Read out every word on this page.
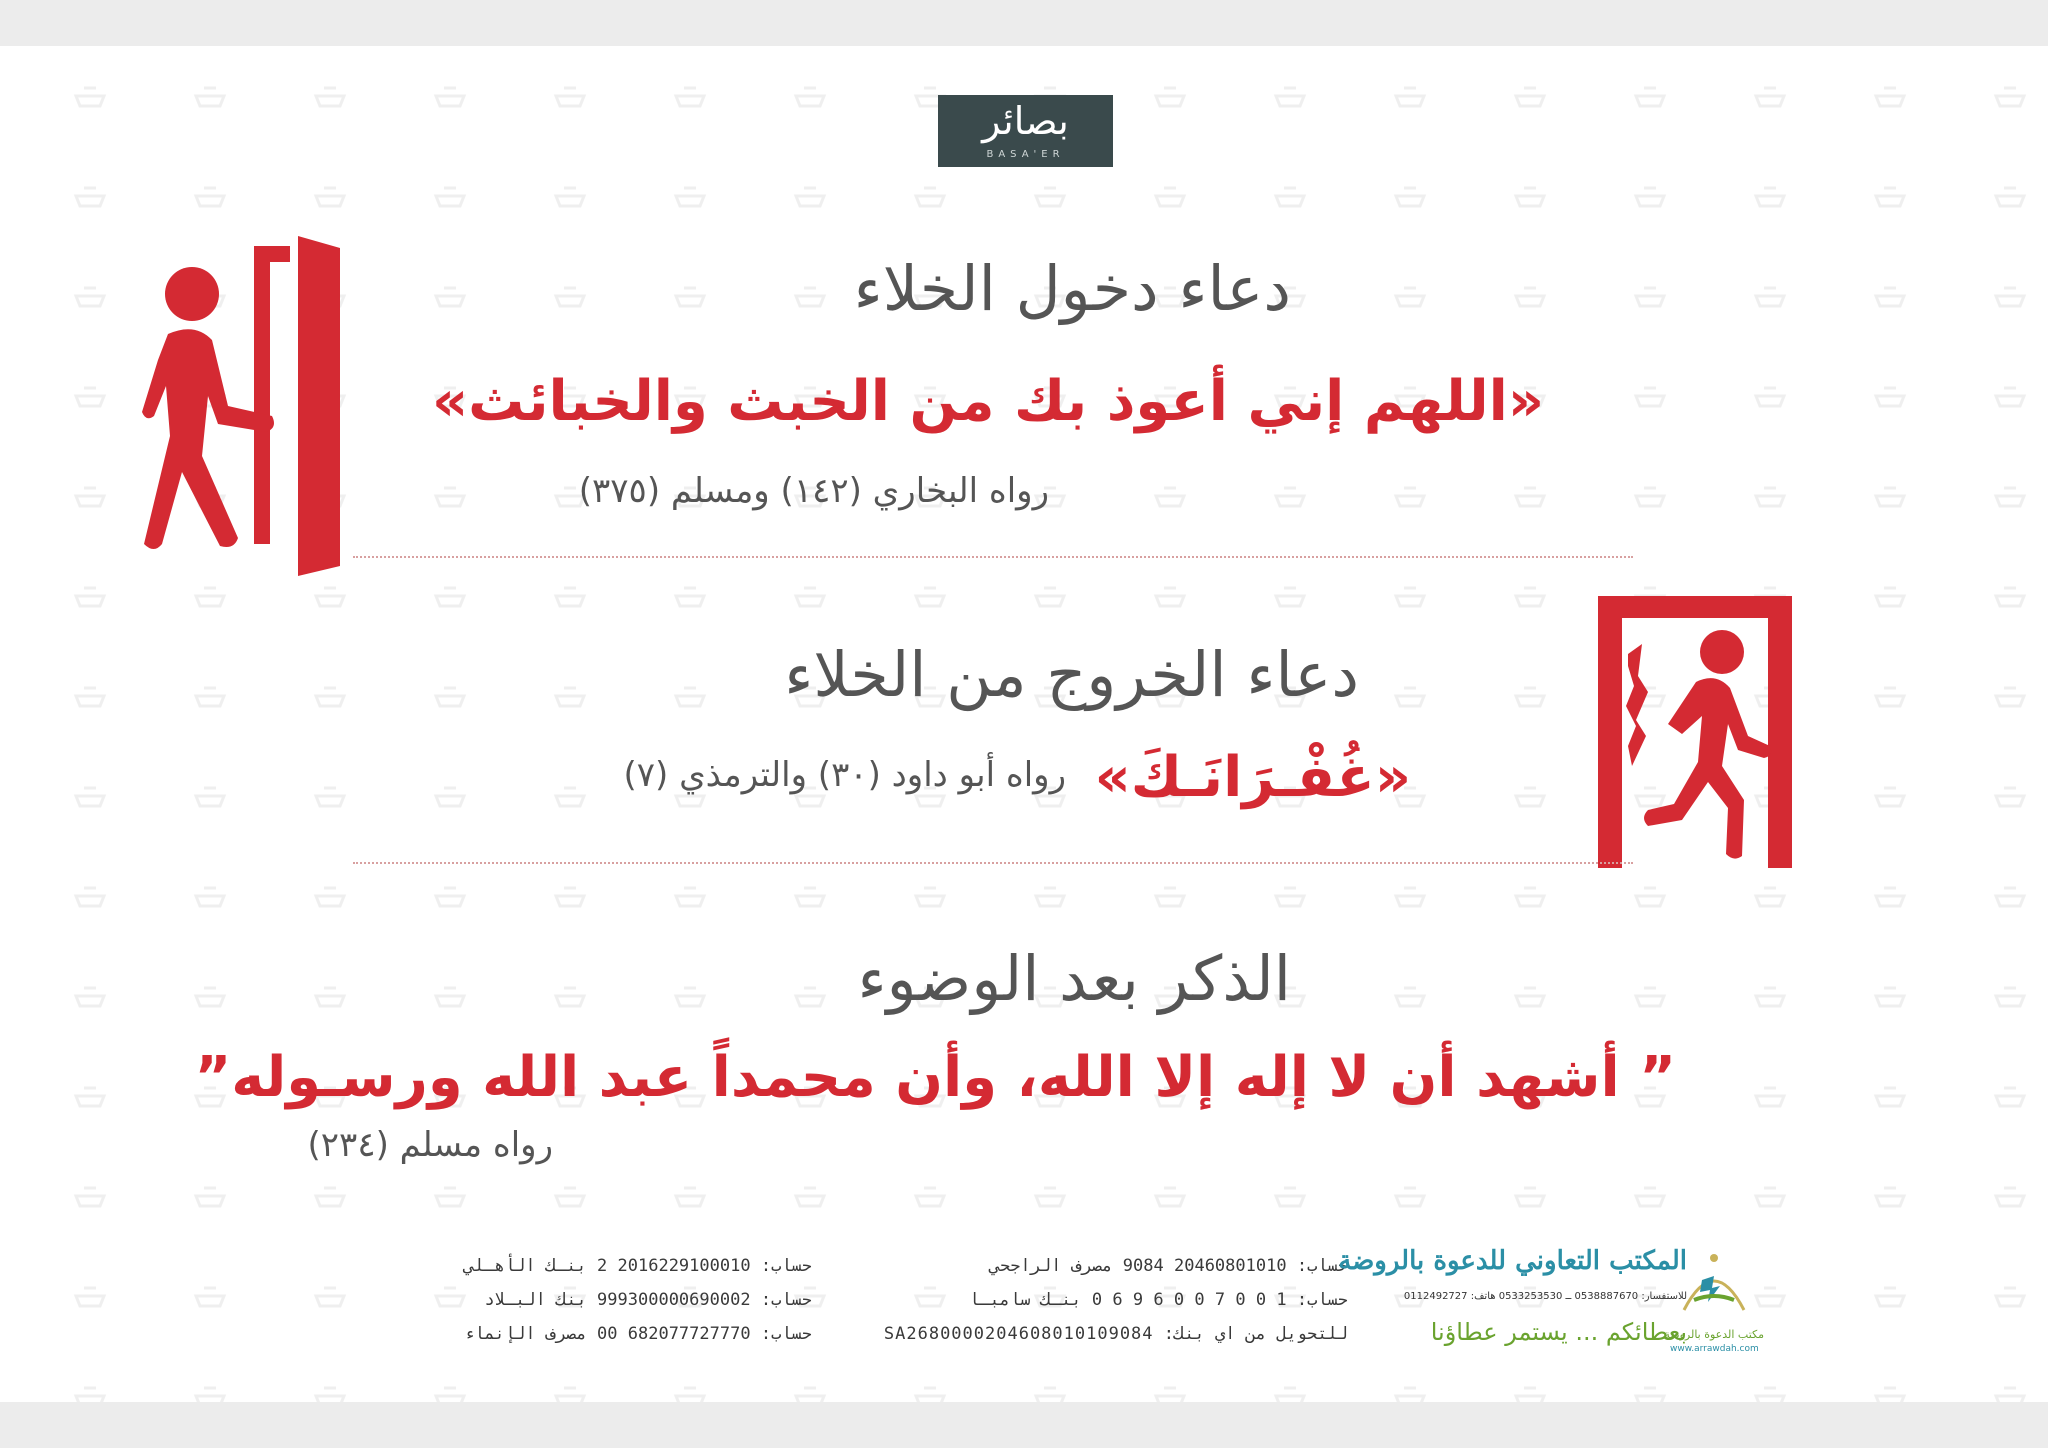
بصائر
BASA'ER
دعاء دخول الخلاء
«اللهم إني أعوذ بك من الخبث والخبائث»
رواه البخاري (١٤٢) ومسلم (٣٧٥)
دعاء الخروج من الخلاء
«غُفْـرَانَـكَ»
رواه أبو داود (٣٠) والترمذي (٧)
الذكر بعد الوضوء
” أشهد أن لا إله إلا الله، وأن محمداً عبد الله ورسـوله”
رواه مسلم (٢٣٤)
حساب: 20460801010 9084 مصرف الراجحي
حساب: 1 0 0 7 0 0 6 9 6 0 بنـك سامبـا
للتحويل من اي بنك: SA2680000204608010109084
حساب: 2016229100010 2 بنـك الأهـلي
حساب: 999300000690002 بنك البـلاد
حساب: 682077727770 00 مصرف الإنماء
المكتب التعاوني للدعوة بالروضة
للاستفسار: 0538887670 ــ 0533253530 هاتف: 0112492727
بعطائكم ... يستمر عطاؤنا
مكتب الدعوة بالروضة
www.arrawdah.com
